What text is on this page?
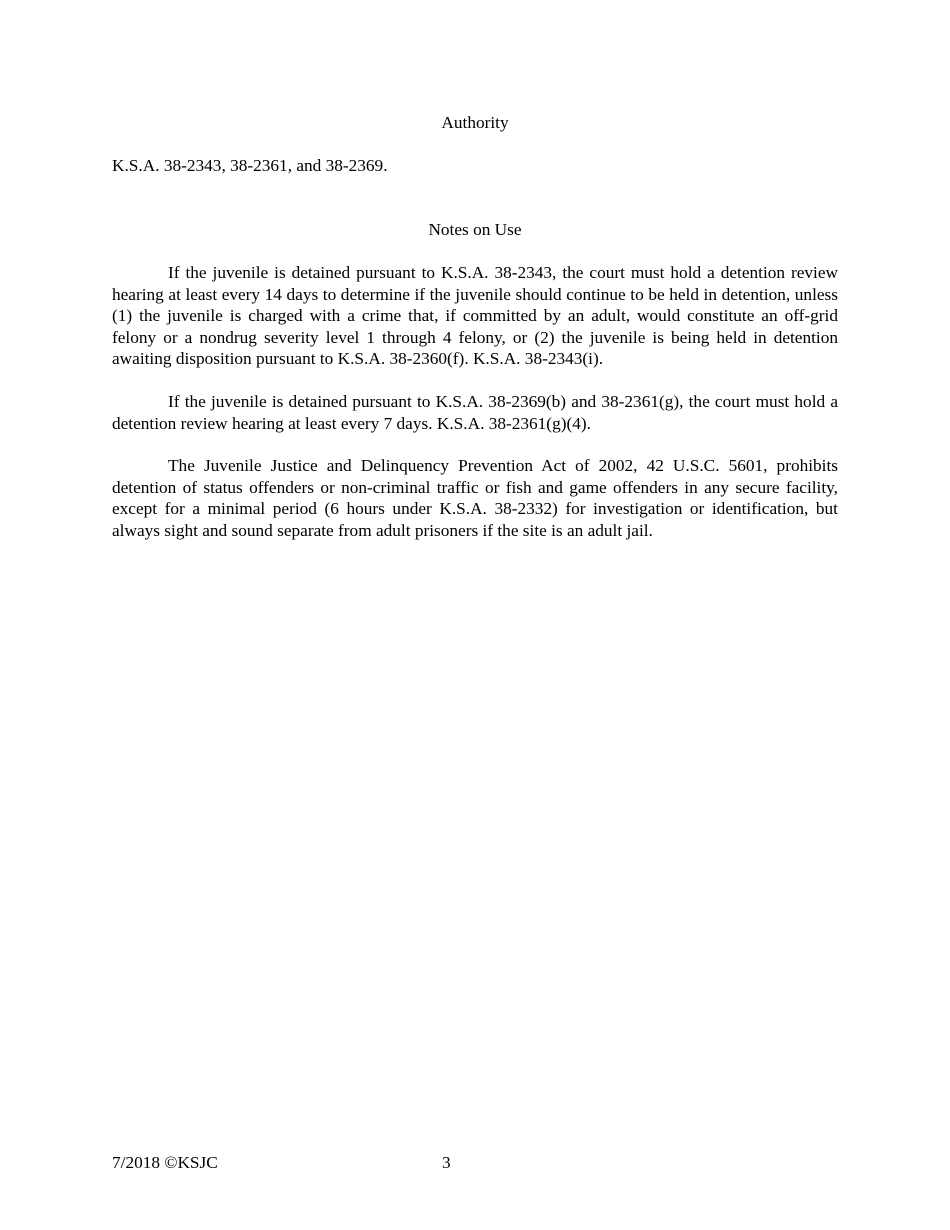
Authority

K.S.A. 38-2343, 38-2361, and 38-2369.

Notes on Use

If the juvenile is detained pursuant to K.S.A. 38-2343, the court must hold a detention review hearing at least every 14 days to determine if the juvenile should continue to be held in detention, unless (1) the juvenile is charged with a crime that, if committed by an adult, would constitute an off-grid felony or a nondrug severity level 1 through 4 felony, or (2) the juvenile is being held in detention awaiting disposition pursuant to K.S.A. 38-2360(f). K.S.A. 38-2343(i).

If the juvenile is detained pursuant to K.S.A. 38-2369(b) and 38-2361(g), the court must hold a detention review hearing at least every 7 days. K.S.A. 38-2361(g)(4).

The Juvenile Justice and Delinquency Prevention Act of 2002, 42 U.S.C. 5601, prohibits detention of status offenders or non-criminal traffic or fish and game offenders in any secure facility, except for a minimal period (6 hours under K.S.A. 38-2332) for investigation or identification, but always sight and sound separate from adult prisoners if the site is an adult jail.

7/2018 ©KSJC	3
